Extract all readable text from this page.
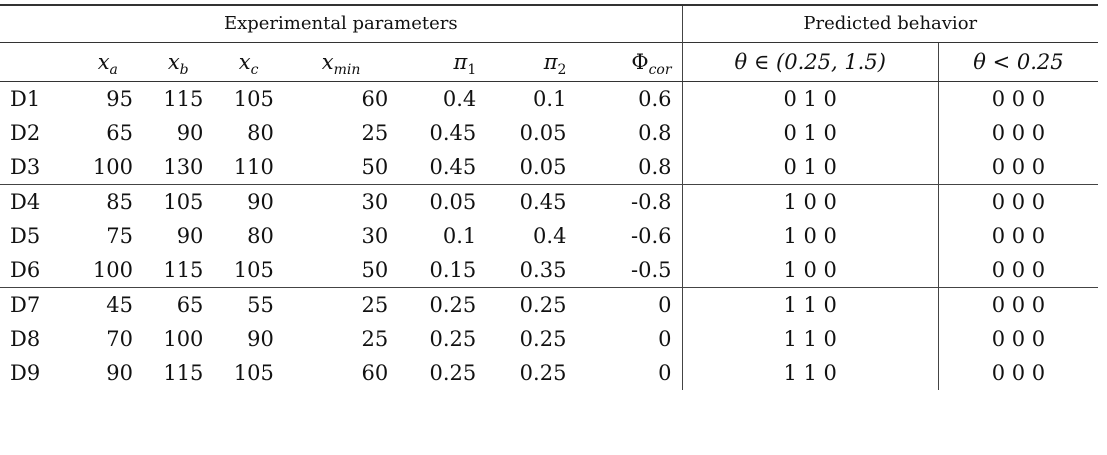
Experimental parameters								Predicted behavior	
	$x_a$	$x_b$	$x_c$	$x_{min}$	$\pi_1$	$\pi_2$	$\Phi_{cor}$	θ ∈ (0.25, 1.5)	θ < 0.25
D1	95	115	105	60	0.4	0.1	0.6	0 1 0	0 0 0
D2	65	90	80	25	0.45	0.05	0.8	0 1 0	0 0 0
D3	100	130	110	50	0.45	0.05	0.8	0 1 0	0 0 0
D4	85	105	90	30	0.05	0.45	-0.8	1 0 0	0 0 0
D5	75	90	80	30	0.1	0.4	-0.6	1 0 0	0 0 0
D6	100	115	105	50	0.15	0.35	-0.5	1 0 0	0 0 0
D7	45	65	55	25	0.25	0.25	0	1 1 0	0 0 0
D8	70	100	90	25	0.25	0.25	0	1 1 0	0 0 0
D9	90	115	105	60	0.25	0.25	0	1 1 0	0 0 0
